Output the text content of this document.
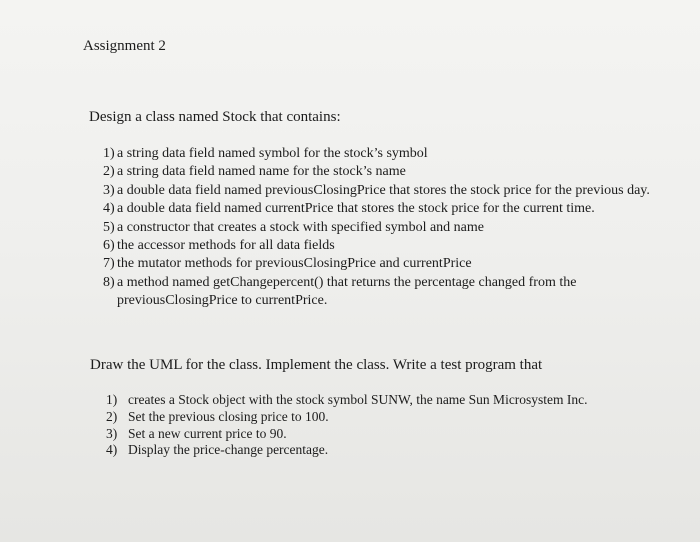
Assignment 2
Design a class named Stock that contains:
1) a string data field named symbol for the stock’s symbol
2) a string data field named name for the stock’s name
3) a double data field named previousClosingPrice that stores the stock price for the previous day.
4) a double data field named currentPrice that stores the stock price for the current time.
5) a constructor that creates a stock with specified symbol and name
6) the accessor methods for all data fields
7) the mutator methods for previousClosingPrice and currentPrice
8) a method named getChangepercent() that returns the percentage changed from the previousClosingPrice to currentPrice.
Draw the UML for the class. Implement the class. Write a test program that
1) creates a Stock object with the stock symbol SUNW, the name Sun Microsystem Inc.
2) Set the previous closing price to 100.
3) Set a new current price to 90.
4) Display the price-change percentage.
